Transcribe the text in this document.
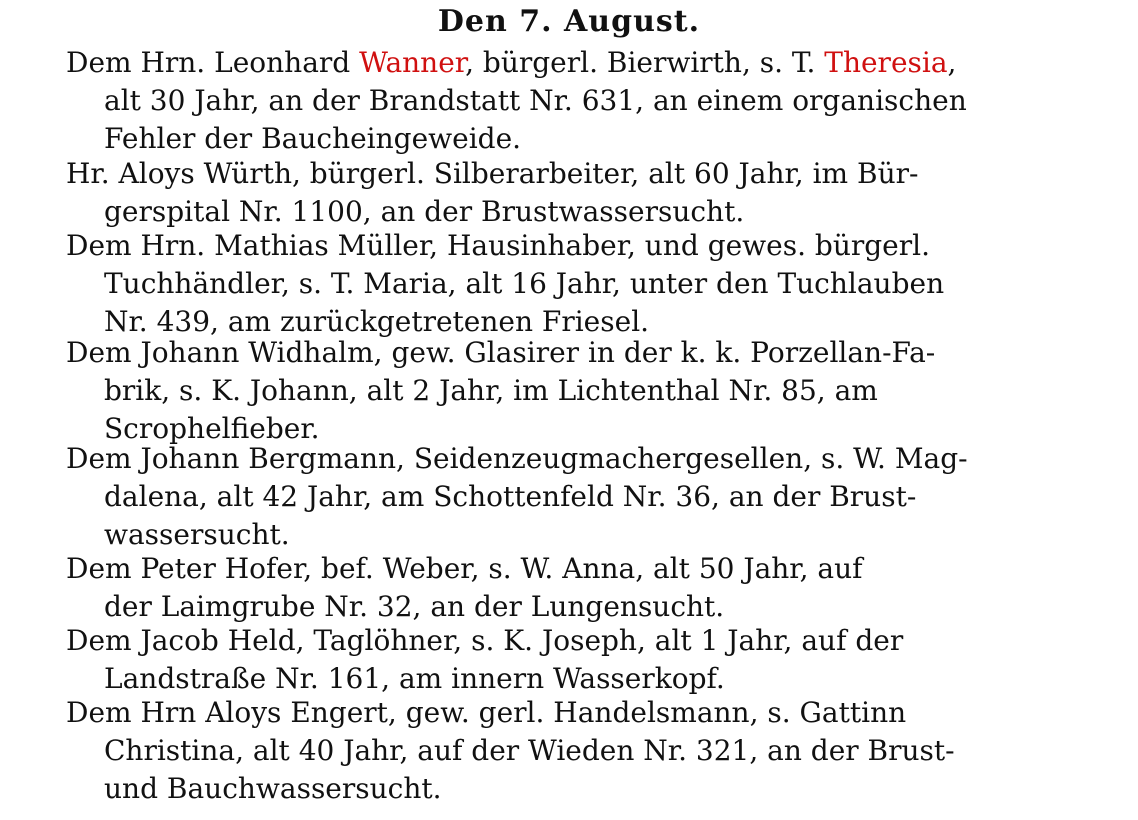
Den 7. August.
Dem Hrn. Leonhard Wanner, bürgerl. Bierwirth, s. T. Theresia,
alt 30 Jahr, an der Brandstatt Nr. 631, an einem organischen
Fehler der Baucheingeweide.
Hr. Aloys Würth, bürgerl. Silberarbeiter, alt 60 Jahr, im Bür-
gerspital Nr. 1100, an der Brustwassersucht.
Dem Hrn. Mathias Müller, Hausinhaber, und gewes. bürgerl.
Tuchhändler, s. T. Maria, alt 16 Jahr, unter den Tuchlauben
Nr. 439, am zurückgetretenen Friesel.
Dem Johann Widhalm, gew. Glasirer in der k. k. Porzellan-Fa-
brik, s. K. Johann, alt 2 Jahr, im Lichtenthal Nr. 85, am
Scrophelfieber.
Dem Johann Bergmann, Seidenzeugmachergesellen, s. W. Mag-
dalena, alt 42 Jahr, am Schottenfeld Nr. 36, an der Brust-
wassersucht.
Dem Peter Hofer, bef. Weber, s. W. Anna, alt 50 Jahr, auf
der Laimgrube Nr. 32, an der Lungensucht.
Dem Jacob Held, Taglöhner, s. K. Joseph, alt 1 Jahr, auf der
Landstraße Nr. 161, am innern Wasserkopf.
Dem Hrn Aloys Engert, gew. gerl. Handelsmann, s. Gattinn
Christina, alt 40 Jahr, auf der Wieden Nr. 321, an der Brust-
und Bauchwassersucht.
